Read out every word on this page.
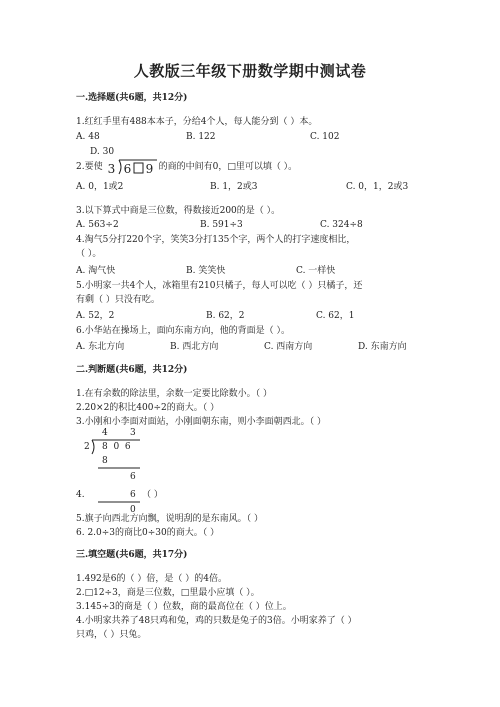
人教版三年级下册数学期中测试卷
一.选择题(共6题，共12分)
1.红红手里有488本本子，分给4个人，每人能分到（ ）本。
A. 48	B. 122	C. 102
D. 30
2.要使 3 6 9 的商的中间有0，□里可以填（ ）。
A. 0，1或2	B. 1，2或3	C. 0，1，2或3
3.以下算式中商是三位数，得数接近200的是（ ）。
A. 563÷2	B. 591÷3	C. 324÷8
4.淘气5分打220个字，笑笑3分打135个字，两个人的打字速度相比，
（ ）。
A. 淘气快	B. 笑笑快	C. 一样快
5.小明家一共4个人，冰箱里有210只橘子，每人可以吃（ ）只橘子，还
有剩（ ）只没有吃。
A. 52，2	B. 62，2	C. 62，1
6.小华站在操场上，面向东南方向，他的背面是（ ）。
A. 东北方向	B. 西北方向	C. 西南方向	D. 东南方向
二.判断题(共6题，共12分)
1.在有余数的除法里，余数一定要比除数小。（ ）
2.20×2的积比400÷2的商大。（ ）
3.小刚和小李面对面站，小刚面朝东南，则小李面朝西北。（ ）
4 3
2 8  0  6
8
6
6
0
4.	（ ）
5.旗子向西北方向飘，说明刮的是东南风。（ ）
6. 2.0÷3的商比0÷30的商大。（ ）
三.填空题(共6题，共17分)
1.492是6的（ ）倍，是（ ）的4倍。
2.□12÷3，商是三位数，□里最小应填（ ）。
3.145÷3的商是（ ）位数，商的最高位在（ ）位上。
4.小明家共养了48只鸡和兔，鸡的只数是兔子的3倍。小明家养了（ ）
只鸡，（ ）只兔。
